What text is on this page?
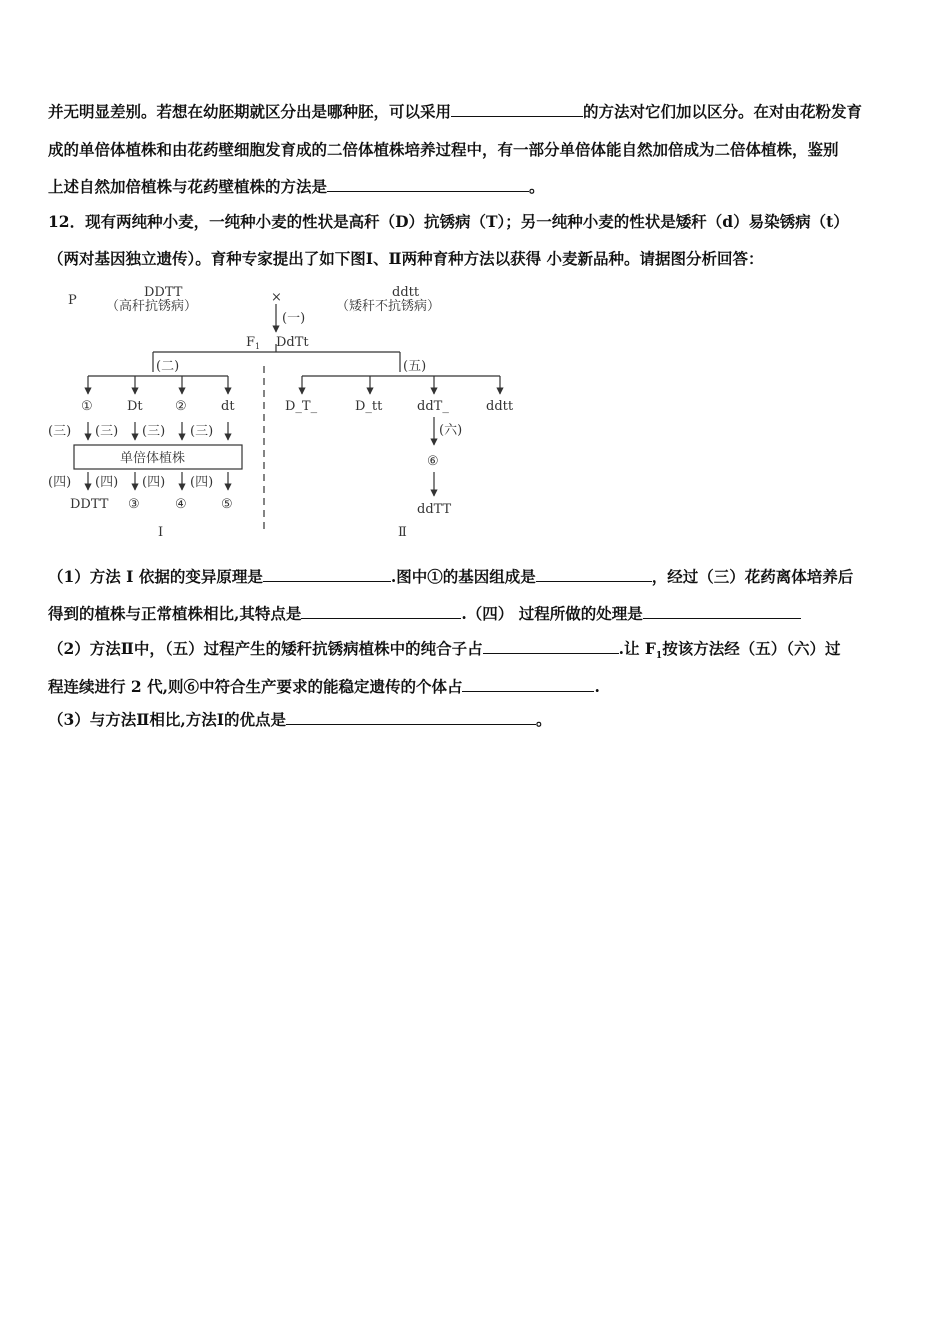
并无明显差别。若想在幼胚期就区分出是哪种胚，可以采用	的方法对它们加以区分。在对由花粉发育
成的单倍体植株和由花药壁细胞发育成的二倍体植株培养过程中，有一部分单倍体能自然加倍成为二倍体植株，鉴别
上述自然加倍植株与花药壁植株的方法是	。
12．现有两纯种小麦，一纯种小麦的性状是高秆（D）抗锈病（T）；另一纯种小麦的性状是矮秆（d）易染锈病（t）
（两对基因独立遗传）。育种专家提出了如下图Ⅰ、Ⅱ两种育种方法以获得 小麦新品种。请据图分析回答：
P
DDTT
（高秆抗锈病）
×	ddtt
（矮秆不抗锈病）
(一)
$F_1$ DdTt
(二)	(五)
①	Dt ②	dt	D_T_	D_tt	ddT_	ddtt
(三) (三) (三) (三)
单倍体植株
(四) (四) (四) (四)
DDTT ③	④	⑤
(六)
⑥
ddTT
Ⅰ	Ⅱ
（1）方法 I 依据的变异原理是	.图中①的基因组成是	，经过（三）花药离体培养后
得到的植株与正常植株相比,其特点是	.（四） 过程所做的处理是
（2）方法Ⅱ中，（五）过程产生的矮秆抗锈病植株中的纯合子占	.让 $F_1$按该方法经（五）（六）过
程连续进行 2 代,则⑥中符合生产要求的能稳定遗传的个体占	.
（3）与方法Ⅱ相比,方法Ⅰ的优点是	。
